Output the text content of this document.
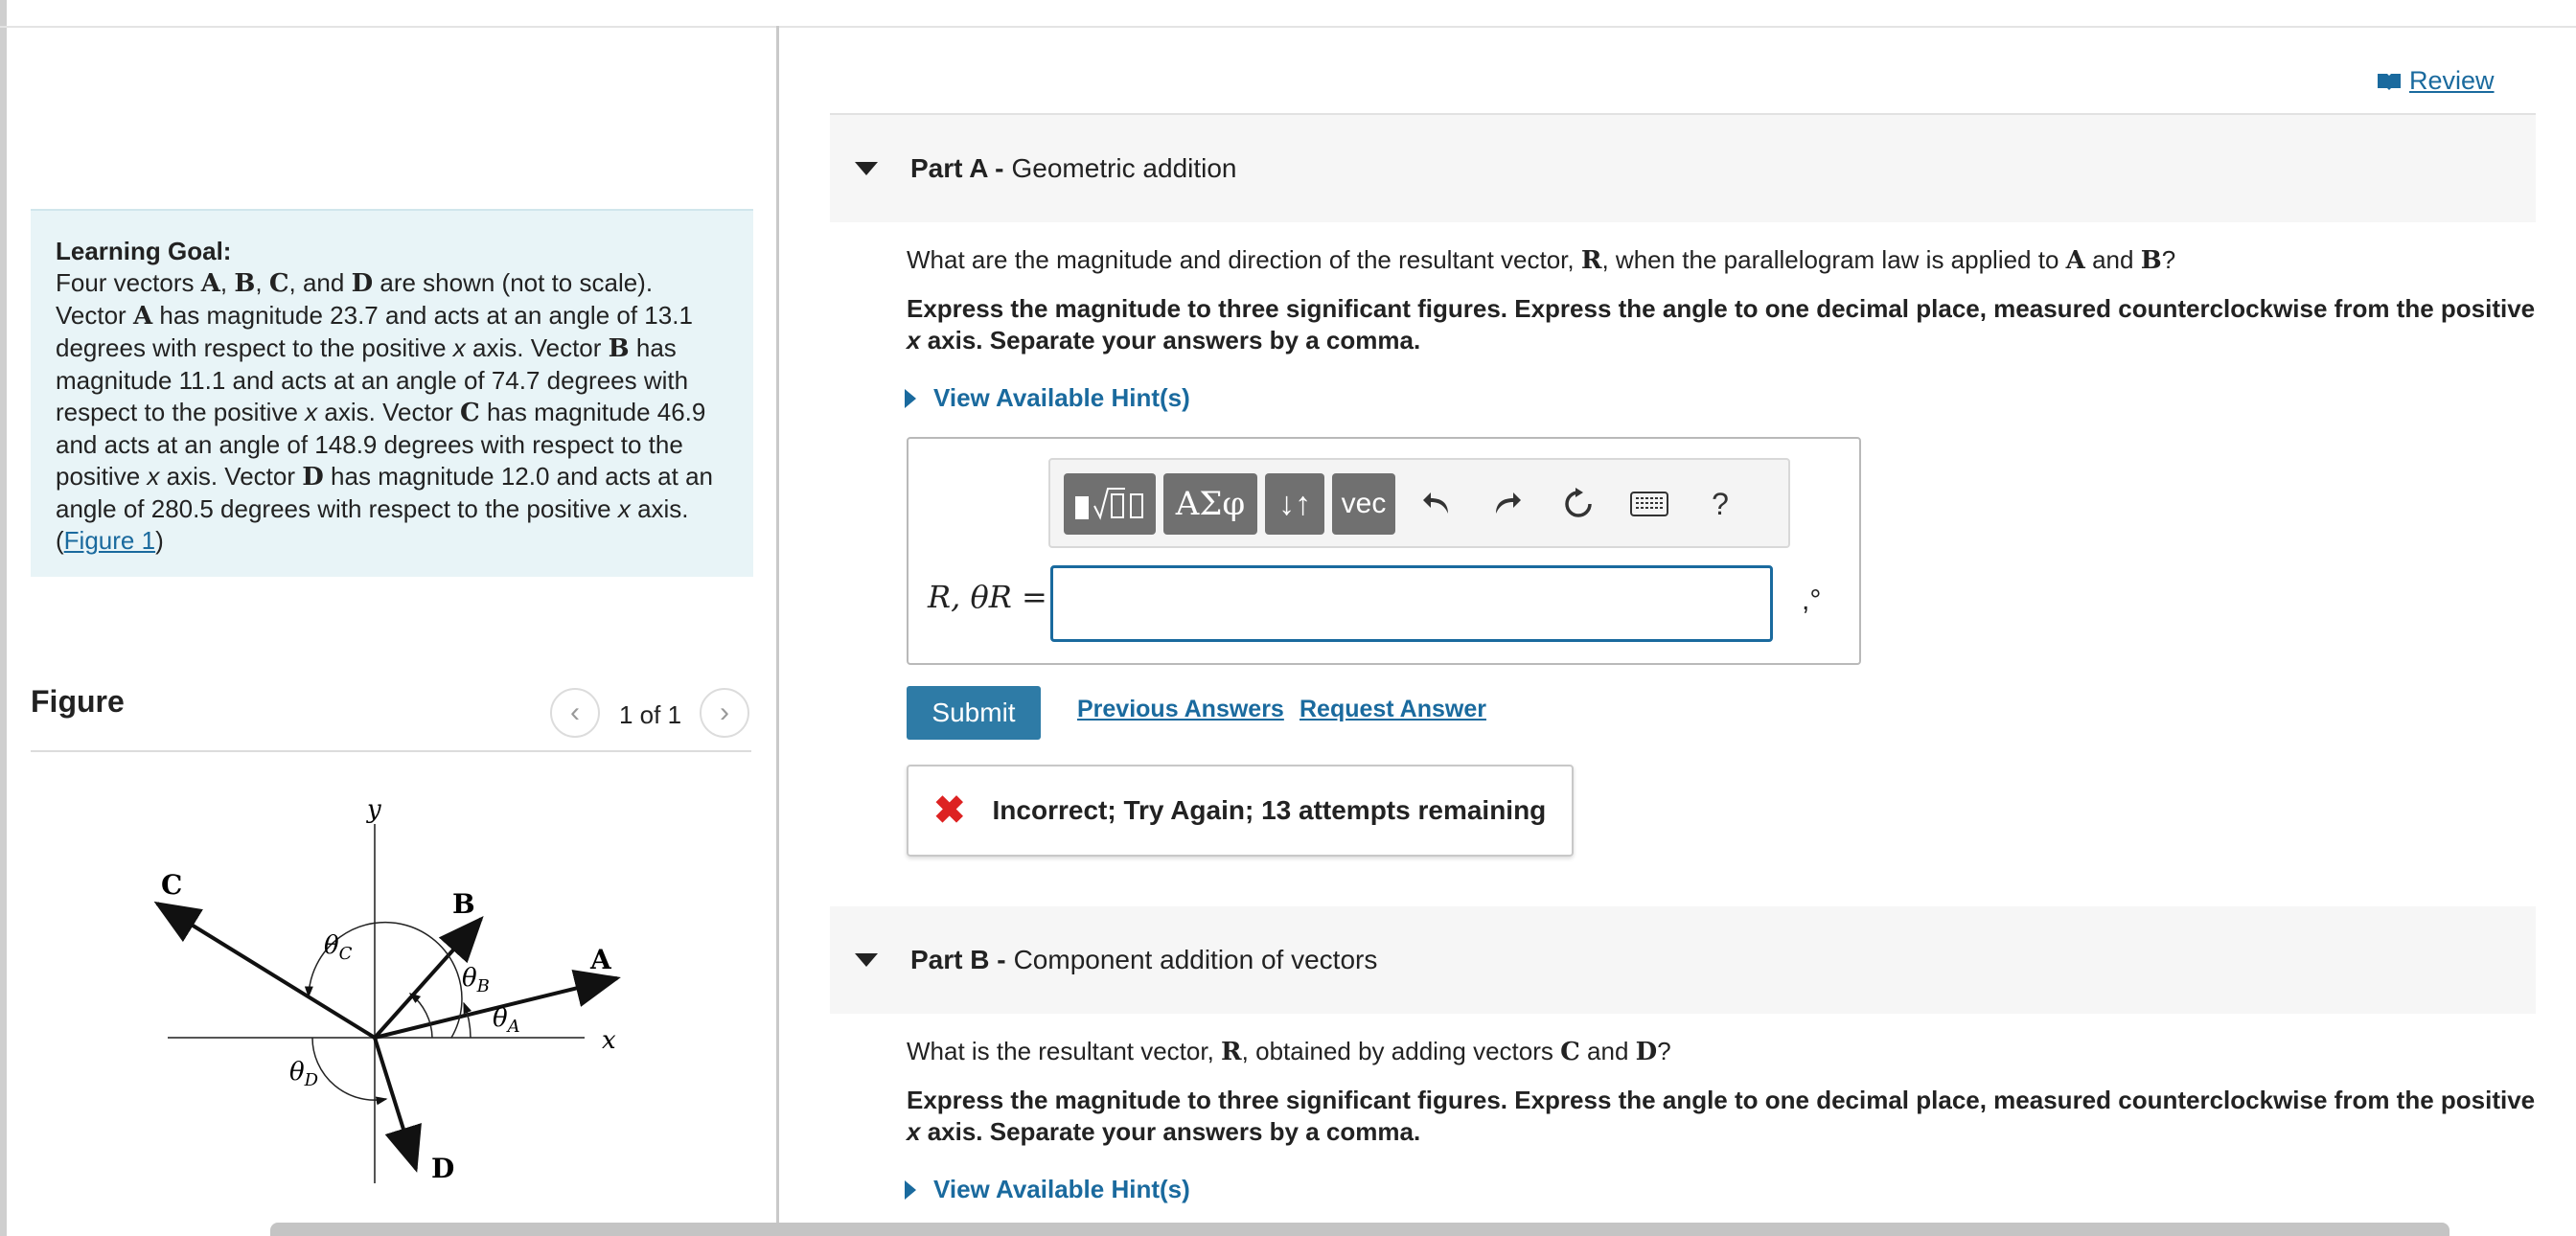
Learning Goal:
Four vectors A, B, C, and D are shown (not to scale). Vector A has magnitude 23.7 and acts at an angle of 13.1 degrees with respect to the positive x axis. Vector B has magnitude 11.1 and acts at an angle of 74.7 degrees with respect to the positive x axis. Vector C has magnitude 46.9 and acts at an angle of 148.9 degrees with respect to the positive x axis. Vector D has magnitude 12.0 and acts at an angle of 280.5 degrees with respect to the positive x axis.(Figure 1)
Figure	‹ 1 of 1 ›
y
x
A
B
C
D
$\theta_C$
$\theta_B$
$\theta_A$
$\theta_D$
Review
Part A - Geometric addition
What are the magnitude and direction of the resultant vector, R, when the parallelogram law is applied to A and B?
Express the magnitude to three significant figures. Express the angle to one decimal place, measured counterclockwise from the positive x axis. Separate your answers by a comma.
View Available Hint(s)
ΑΣφ	↓↑	vec	?
R, θR =	,°
Submit	Previous Answers Request Answer
✖ Incorrect; Try Again; 13 attempts remaining
Part B - Component addition of vectors
What is the resultant vector, R, obtained by adding vectors C and D?
Express the magnitude to three significant figures. Express the angle to one decimal place, measured counterclockwise from the positive x axis. Separate your answers by a comma.
View Available Hint(s)
